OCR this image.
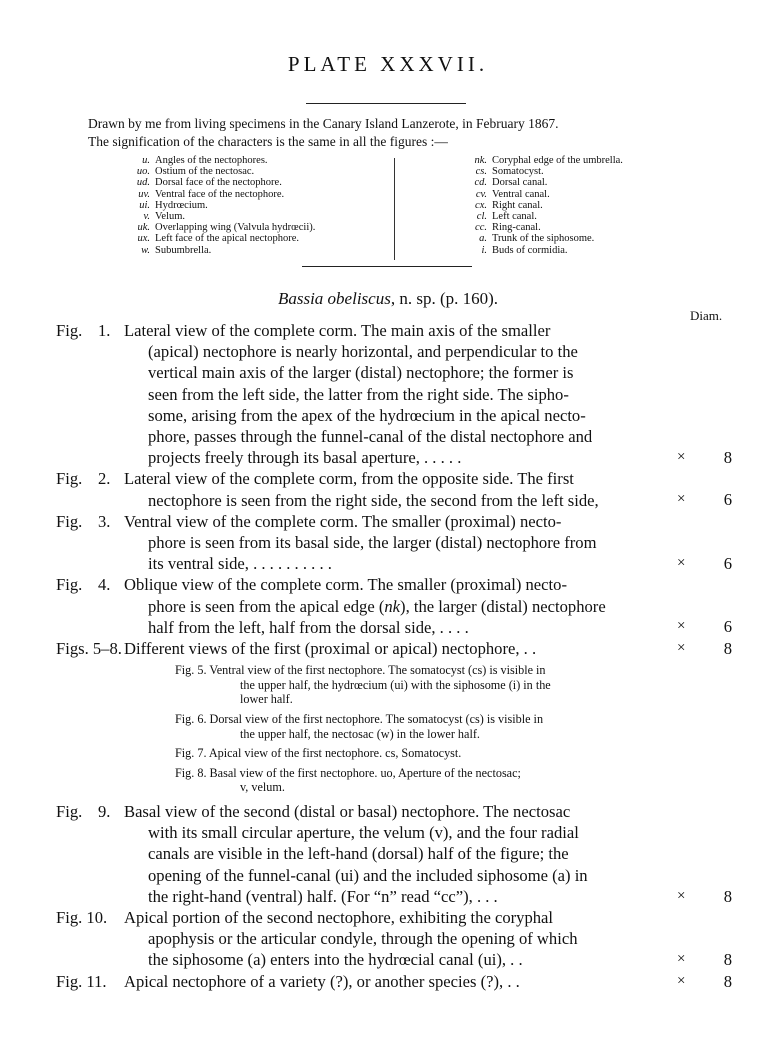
PLATE XXXVII.
Drawn by me from living specimens in the Canary Island Lanzerote, in February 1867.
The signification of the characters is the same in all the figures :—
u. Angles of the nectophores.
uo. Ostium of the nectosac.
ud. Dorsal face of the nectophore.
uv. Ventral face of the nectophore.
ui. Hydrœcium.
v. Velum.
uk. Overlapping wing (Valvula hydrœcii).
ux. Left face of the apical nectophore.
w. Subumbrella.
nk. Coryphal edge of the umbrella.
cs. Somatocyst.
cd. Dorsal canal.
cv. Ventral canal.
cx. Right canal.
cl. Left canal.
cc. Ring-canal.
a. Trunk of the siphosome.
i. Buds of cormidia.
Bassia obeliscus, n. sp. (p. 160).
Diam.
Fig. 1. Lateral view of the complete corm. The main axis of the smaller
(apical) nectophore is nearly horizontal, and perpendicular to the
vertical main axis of the larger (distal) nectophore; the former is
seen from the left side, the latter from the right side. The sipho-
some, arising from the apex of the hydrœcium in the apical necto-
phore, passes through the funnel-canal of the distal nectophore and
projects freely through its basal aperture, . . . . .	×	8
Fig. 2. Lateral view of the complete corm, from the opposite side. The first
nectophore is seen from the right side, the second from the left side,	×	6
Fig. 3. Ventral view of the complete corm. The smaller (proximal) necto-
phore is seen from its basal side, the larger (distal) nectophore from
its ventral side, . . . . . . . . . .	×	6
Fig. 4. Oblique view of the complete corm. The smaller (proximal) necto-
phore is seen from the apical edge (nk), the larger (distal) nectophore
half from the left, half from the dorsal side, . . . .	×	6
Figs. 5–8. Different views of the first (proximal or apical) nectophore, . .	×	8
Fig. 5. Ventral view of the first nectophore. The somatocyst (cs) is visible in
the upper half, the hydrœcium (ui) with the siphosome (i) in the
lower half.
Fig. 6. Dorsal view of the first nectophore. The somatocyst (cs) is visible in
the upper half, the nectosac (w) in the lower half.
Fig. 7. Apical view of the first nectophore. cs, Somatocyst.
Fig. 8. Basal view of the first nectophore. uo, Aperture of the nectosac;
v, velum.
Fig. 9. Basal view of the second (distal or basal) nectophore. The nectosac
with its small circular aperture, the velum (v), and the four radial
canals are visible in the left-hand (dorsal) half of the figure; the
opening of the funnel-canal (ui) and the included siphosome (a) in
the right-hand (ventral) half. (For “n” read “cc”), . . .	×	8
Fig. 10. Apical portion of the second nectophore, exhibiting the coryphal
apophysis or the articular condyle, through the opening of which
the siphosome (a) enters into the hydrœcial canal (ui), . .	×	8
Fig. 11. Apical nectophore of a variety (?), or another species (?), . .	×	8
